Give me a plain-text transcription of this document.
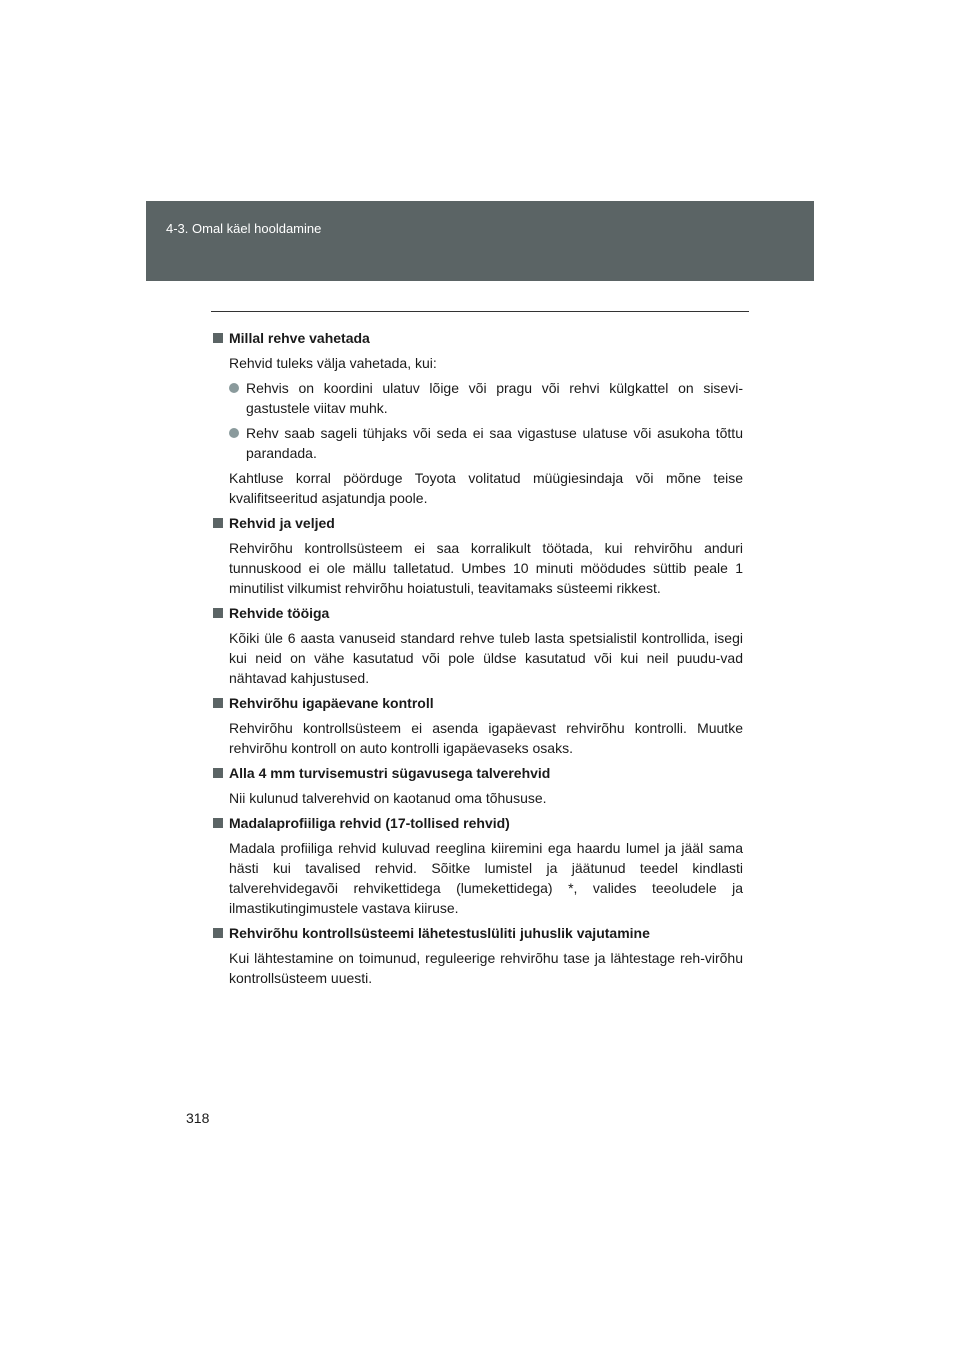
4-3. Omal käel hooldamine
Millal rehve vahetada
Rehvid tuleks välja vahetada, kui:
Rehvis on koordini ulatuv lõige või pragu või rehvi külgkattel on sisevi-gastustele viitav muhk.
Rehv saab sageli tühjaks või seda ei saa vigastuse ulatuse või asukoha tõttu parandada.
Kahtluse korral pöörduge Toyota volitatud müügiesindaja või mõne teise kvalifitseeritud asjatundja poole.
Rehvid ja veljed
Rehvirõhu kontrollsüsteem ei saa korralikult töötada, kui rehvirõhu anduri tunnuskood ei ole mällu talletatud. Umbes 10 minuti möödudes süttib peale 1 minutilist vilkumist rehvirõhu hoiatustuli, teavitamaks süsteemi rikkest.
Rehvide tööiga
Kõiki üle 6 aasta vanuseid standard rehve tuleb lasta spetsialistil kontrollida, isegi kui neid on vähe kasutatud või pole üldse kasutatud või kui neil puudu-vad nähtavad kahjustused.
Rehvirõhu igapäevane kontroll
Rehvirõhu kontrollsüsteem ei asenda igapäevast rehvirõhu kontrolli. Muutke rehvirõhu kontroll on auto kontrolli igapäevaseks osaks.
Alla 4 mm turvisemustri sügavusega talverehvid
Nii kulunud talverehvid on kaotanud oma tõhususe.
Madalaprofiiliga rehvid (17-tollised rehvid)
Madala profiiliga rehvid kuluvad reeglina kiiremini ega haardu lumel ja jääl sama hästi kui tavalised rehvid. Sõitke lumistel ja jäätunud teedel kindlasti talverehvidegavõi rehvikettidega (lumekettidega) *, valides teeoludele ja ilmastikutingimustele vastava kiiruse.
Rehvirõhu kontrollsüsteemi lähetestuslüliti juhuslik vajutamine
Kui lähtestamine on toimunud, reguleerige rehvirõhu tase ja lähtestage reh-virõhu kontrollsüsteem uuesti.
318
